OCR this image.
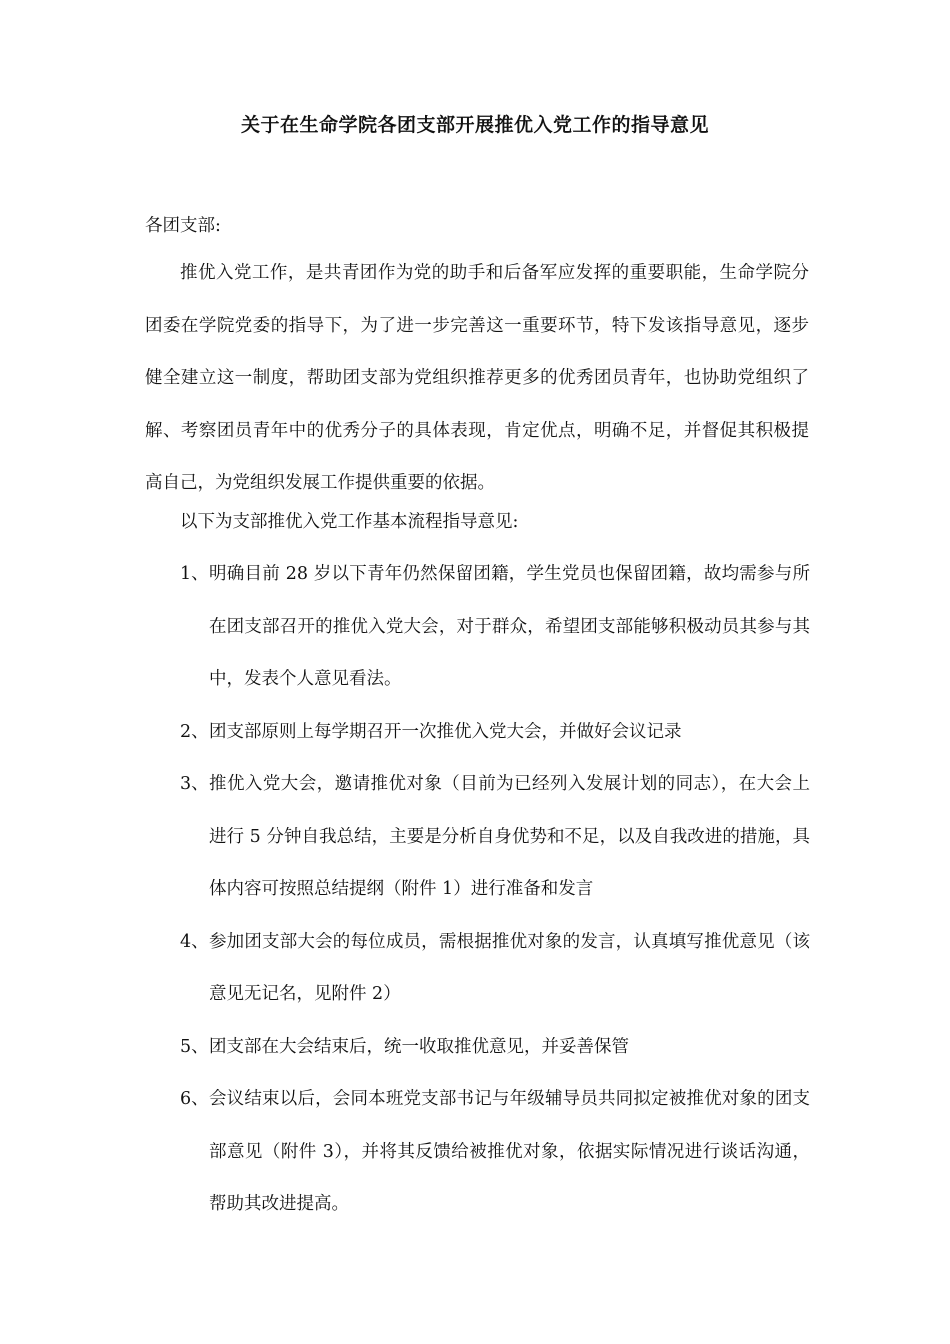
关于在生命学院各团支部开展推优入党工作的指导意见
各团支部:

推优入党工作，是共青团作为党的助手和后备军应发挥的重要职能，生命学院分团委在学院党委的指导下，为了进一步完善这一重要环节，特下发该指导意见，逐步健全建立这一制度，帮助团支部为党组织推荐更多的优秀团员青年，也协助党组织了解、考察团员青年中的优秀分子的具体表现，肯定优点，明确不足，并督促其积极提高自己，为党组织发展工作提供重要的依据。

以下为支部推优入党工作基本流程指导意见:

1、 明确目前 28 岁以下青年仍然保留团籍，学生党员也保留团籍，故均需参与所在团支部召开的推优入党大会，对于群众，希望团支部能够积极动员其参与其中，发表个人意见看法。
2、 团支部原则上每学期召开一次推优入党大会，并做好会议记录
3、 推优入党大会，邀请推优对象（目前为已经列入发展计划的同志），在大会上进行 5 分钟自我总结，主要是分析自身优势和不足，以及自我改进的措施，具体内容可按照总结提纲（附件 1）进行准备和发言
4、 参加团支部大会的每位成员，需根据推优对象的发言，认真填写推优意见（该意见无记名，见附件 2）
5、 团支部在大会结束后，统一收取推优意见，并妥善保管
6、 会议结束以后，会同本班党支部书记与年级辅导员共同拟定被推优对象的团支部意见（附件 3），并将其反馈给被推优对象，依据实际情况进行谈话沟通，帮助其改进提高。
